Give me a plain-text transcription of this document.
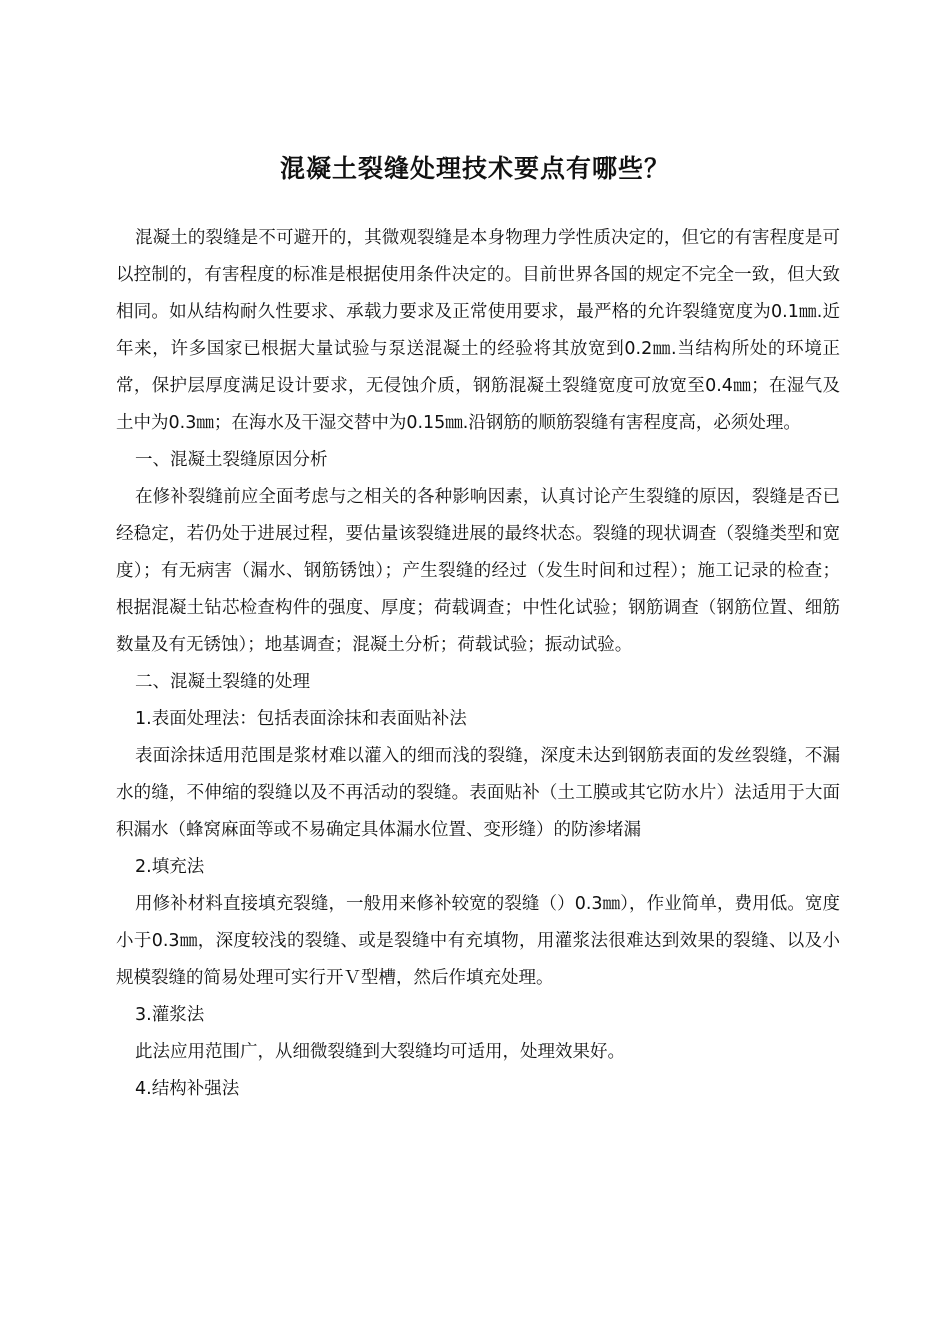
混凝土裂缝处理技术要点有哪些？

混凝土的裂缝是不可避开的，其微观裂缝是本身物理力学性质决定的，但它的有害程度是可以控制的，有害程度的标准是根据使用条件决定的。目前世界各国的规定不完全一致，但大致相同。如从结构耐久性要求、承载力要求及正常使用要求，最严格的允许裂缝宽度为0.1㎜.近年来，许多国家已根据大量试验与泵送混凝土的经验将其放宽到0.2㎜.当结构所处的环境正常，保护层厚度满足设计要求，无侵蚀介质，钢筋混凝土裂缝宽度可放宽至0.4㎜；在湿气及土中为0.3㎜；在海水及干湿交替中为0.15㎜.沿钢筋的顺筋裂缝有害程度高，必须处理。

一、混凝土裂缝原因分析

在修补裂缝前应全面考虑与之相关的各种影响因素，认真讨论产生裂缝的原因，裂缝是否已经稳定，若仍处于进展过程，要估量该裂缝进展的最终状态。裂缝的现状调查（裂缝类型和宽度）；有无病害（漏水、钢筋锈蚀）；产生裂缝的经过（发生时间和过程）；施工记录的检查；根据混凝土钻芯检查构件的强度、厚度；荷载调查；中性化试验；钢筋调查（钢筋位置、细筋数量及有无锈蚀）；地基调查；混凝土分析；荷载试验；振动试验。

二、混凝土裂缝的处理

1.表面处理法：包括表面涂抹和表面贴补法

表面涂抹适用范围是浆材难以灌入的细而浅的裂缝，深度未达到钢筋表面的发丝裂缝，不漏水的缝，不伸缩的裂缝以及不再活动的裂缝。表面贴补（土工膜或其它防水片）法适用于大面积漏水（蜂窝麻面等或不易确定具体漏水位置、变形缝）的防渗堵漏

2.填充法

用修补材料直接填充裂缝，一般用来修补较宽的裂缝（）0.3㎜），作业简单，费用低。宽度小于0.3㎜，深度较浅的裂缝、或是裂缝中有充填物，用灌浆法很难达到效果的裂缝、以及小规模裂缝的简易处理可实行开Ｖ型槽，然后作填充处理。

3.灌浆法

此法应用范围广，从细微裂缝到大裂缝均可适用，处理效果好。

4.结构补强法
